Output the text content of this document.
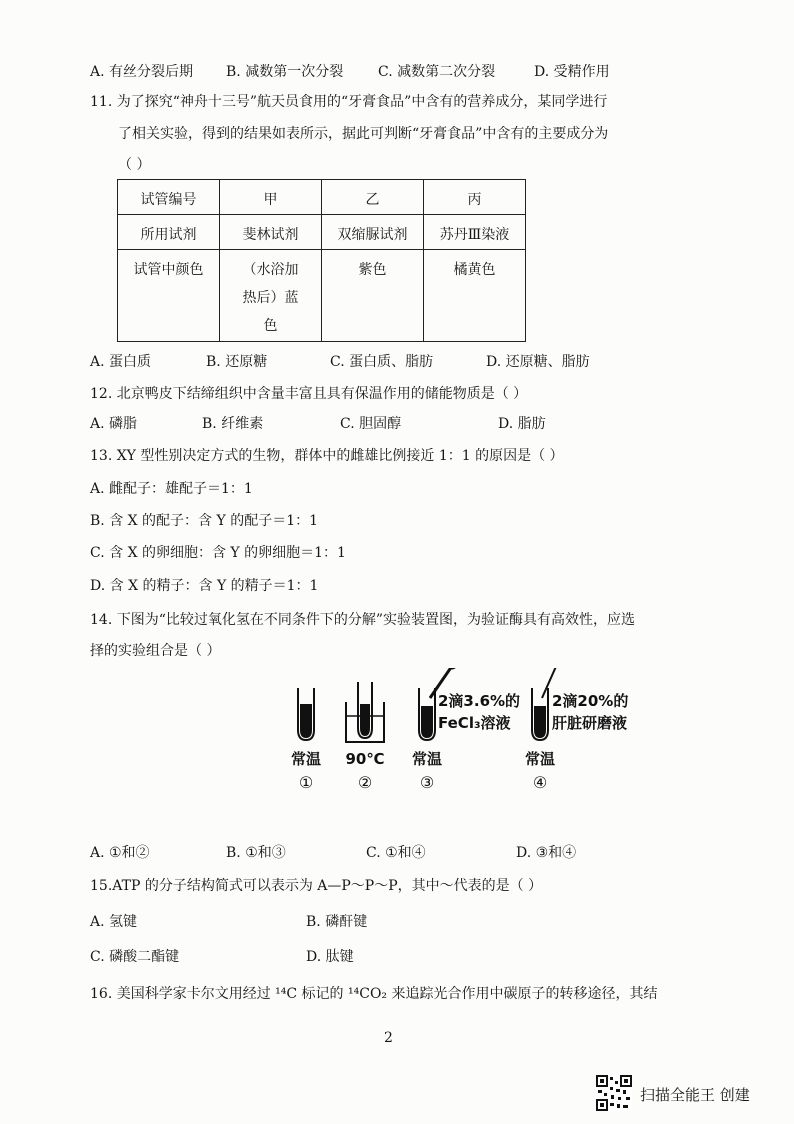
A. 有丝分裂后期 B. 减数第一次分裂 C. 减数第二次分裂	D. 受精作用
11. 为了探究“神舟十三号”航天员食用的“牙膏食品”中含有的营养成分，某同学进行
了相关实验，得到的结果如表所示，据此可判断“牙膏食品”中含有的主要成分为
（ ）
试管编号	甲	乙	丙
所用试剂	斐林试剂	双缩脲试剂	苏丹Ⅲ染液
试管中颜色	（水浴加热后）蓝色	紫色	橘黄色
A. 蛋白质	B. 还原糖	C. 蛋白质、脂肪	D. 还原糖、脂肪
12. 北京鸭皮下结缔组织中含量丰富且具有保温作用的储能物质是（ ）
A. 磷脂	B. 纤维素	C. 胆固醇	D. 脂肪
13. XY 型性别决定方式的生物，群体中的雌雄比例接近 1：1 的原因是（ ）
A. 雌配子：雄配子＝1：1
B. 含 X 的配子：含 Y 的配子＝1：1
C. 含 X 的卵细胞：含 Y 的卵细胞＝1：1
D. 含 X 的精子：含 Y 的精子＝1：1
14. 下图为“比较过氧化氢在不同条件下的分解”实验装置图，为验证酶具有高效性，应选
择的实验组合是（ ）
2滴3.6%的
FeCl₃溶液
2滴20%的
肝脏研磨液
常温 90℃ 常温	常温
①	②	③	④
A. ①和②	B. ①和③	C. ①和④	D. ③和④
15.ATP 的分子结构简式可以表示为 A—P～P～P，其中～代表的是（ ）
A. 氢键	B. 磷酐键
C. 磷酸二酯键	D. 肽键
16. 美国科学家卡尔文用经过 ¹⁴C 标记的 ¹⁴CO₂ 来追踪光合作用中碳原子的转移途径，其结
2
扫描全能王 创建
